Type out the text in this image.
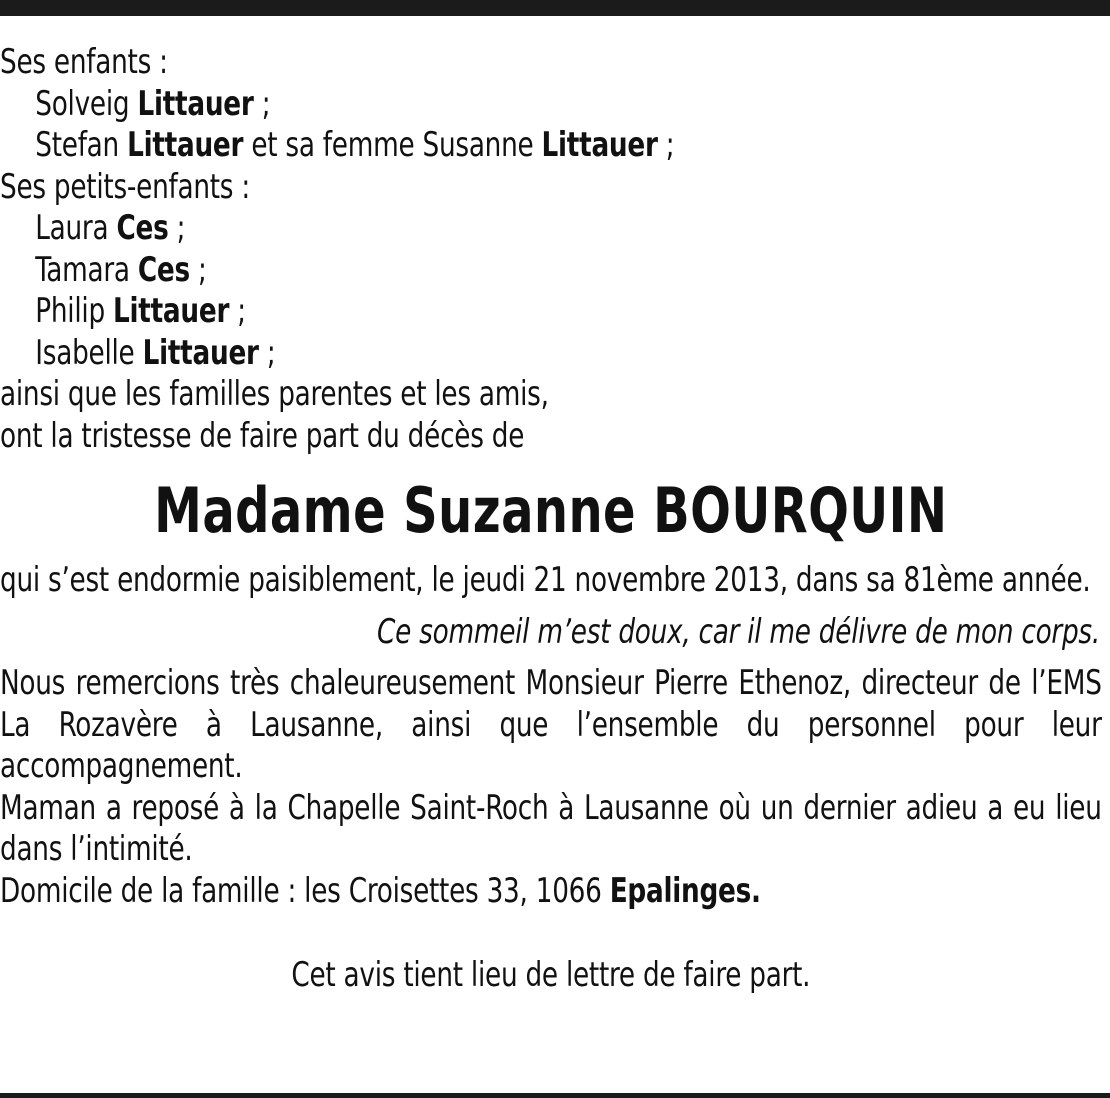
Ses enfants :
Solveig Littauer ;
Stefan Littauer et sa femme Susanne Littauer ;
Ses petits-enfants :
Laura Ces ;
Tamara Ces ;
Philip Littauer ;
Isabelle Littauer ;
ainsi que les familles parentes et les amis,
ont la tristesse de faire part du décès de
Madame Suzanne BOURQUIN
qui s’est endormie paisiblement, le jeudi 21 novembre 2013, dans sa 81ème année.
Ce sommeil m’est doux, car il me délivre de mon corps.
Nous remercions très chaleureusement Monsieur Pierre Ethenoz, directeur de l’EMS La Rozavère à Lausanne, ainsi que l’ensemble du personnel pour leur accompagnement.
Maman a reposé à la Chapelle Saint-Roch à Lausanne où un dernier adieu a eu lieu dans l’intimité.
Domicile de la famille : les Croisettes 33, 1066 Epalinges.
Cet avis tient lieu de lettre de faire part.
